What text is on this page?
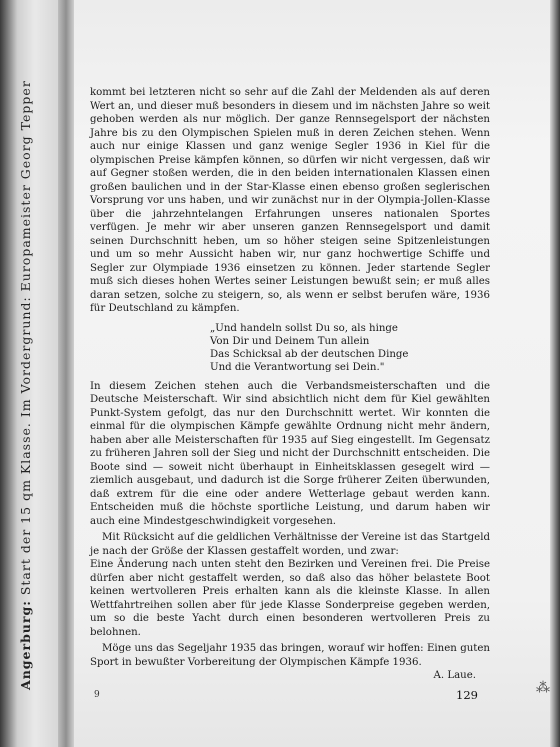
Angerburg: Start der 15 qm Klasse. Im Vordergrund: Europameister Georg Tepper	kommt bei letzteren nicht so sehr auf die Zahl der Meldenden als auf deren Wert an, und dieser muß besonders in diesem und im nächsten Jahre so weit gehoben werden als nur möglich. Der ganze Rennsegelsport der nächsten Jahre bis zu den Olympischen Spielen muß in deren Zeichen stehen. Wenn auch nur einige Klassen und ganz wenige Segler 1936 in Kiel für die olympischen Preise kämpfen können, so dürfen wir nicht vergessen, daß wir auf Gegner stoßen werden, die in den beiden internationalen Klassen einen großen baulichen und in der Star-Klasse einen ebenso großen seglerischen Vorsprung vor uns haben, und wir zunächst nur in der Olympia-Jollen-Klasse über die jahrzehntelangen Erfahrungen unseres nationalen Sportes verfügen. Je mehr wir aber unseren ganzen Rennsegelsport und damit seinen Durchschnitt heben, um so höher steigen seine Spitzenleistungen und um so mehr Aussicht haben wir, nur ganz hochwertige Schiffe und Segler zur Olympiade 1936 einsetzen zu können. Jeder startende Segler muß sich dieses hohen Wertes seiner Leistungen bewußt sein; er muß alles daran setzen, solche zu steigern, so, als wenn er selbst berufen wäre, 1936 für Deutschland zu kämpfen.

„Und handeln sollst Du so, als hinge
Von Dir und Deinem Tun allein
Das Schicksal ab der deutschen Dinge
Und die Verantwortung sei Dein."

In diesem Zeichen stehen auch die Verbandsmeisterschaften und die Deutsche Meisterschaft. Wir sind absichtlich nicht dem für Kiel gewählten Punkt-System gefolgt, das nur den Durchschnitt wertet. Wir konnten die einmal für die olympischen Kämpfe gewählte Ordnung nicht mehr ändern, haben aber alle Meisterschaften für 1935 auf Sieg eingestellt. Im Gegensatz zu früheren Jahren soll der Sieg und nicht der Durchschnitt entscheiden. Die Boote sind — soweit nicht überhaupt in Einheitsklassen gesegelt wird — ziemlich ausgebaut, und dadurch ist die Sorge früherer Zeiten überwunden, daß extrem für die eine oder andere Wetterlage gebaut werden kann. Entscheiden muß die höchste sportliche Leistung, und darum haben wir auch eine Mindestgeschwindigkeit vorgesehen.

Mit Rücksicht auf die geldlichen Verhältnisse der Vereine ist das Startgeld je nach der Größe der Klassen gestaffelt worden, und zwar:

Eine Änderung nach unten steht den Bezirken und Vereinen frei. Die Preise dürfen aber nicht gestaffelt werden, so daß also das höher belastete Boot keinen wertvolleren Preis erhalten kann als die kleinste Klasse. In allen Wettfahrtreihen sollen aber für jede Klasse Sonderpreise gegeben werden, um so die beste Yacht durch einen besonderen wertvolleren Preis zu belohnen.

Möge uns das Segeljahr 1935 das bringen, worauf wir hoffen: Einen guten Sport in bewußter Vorbereitung der Olympischen Kämpfe 1936.

A. Laue.

9	129	⁂
